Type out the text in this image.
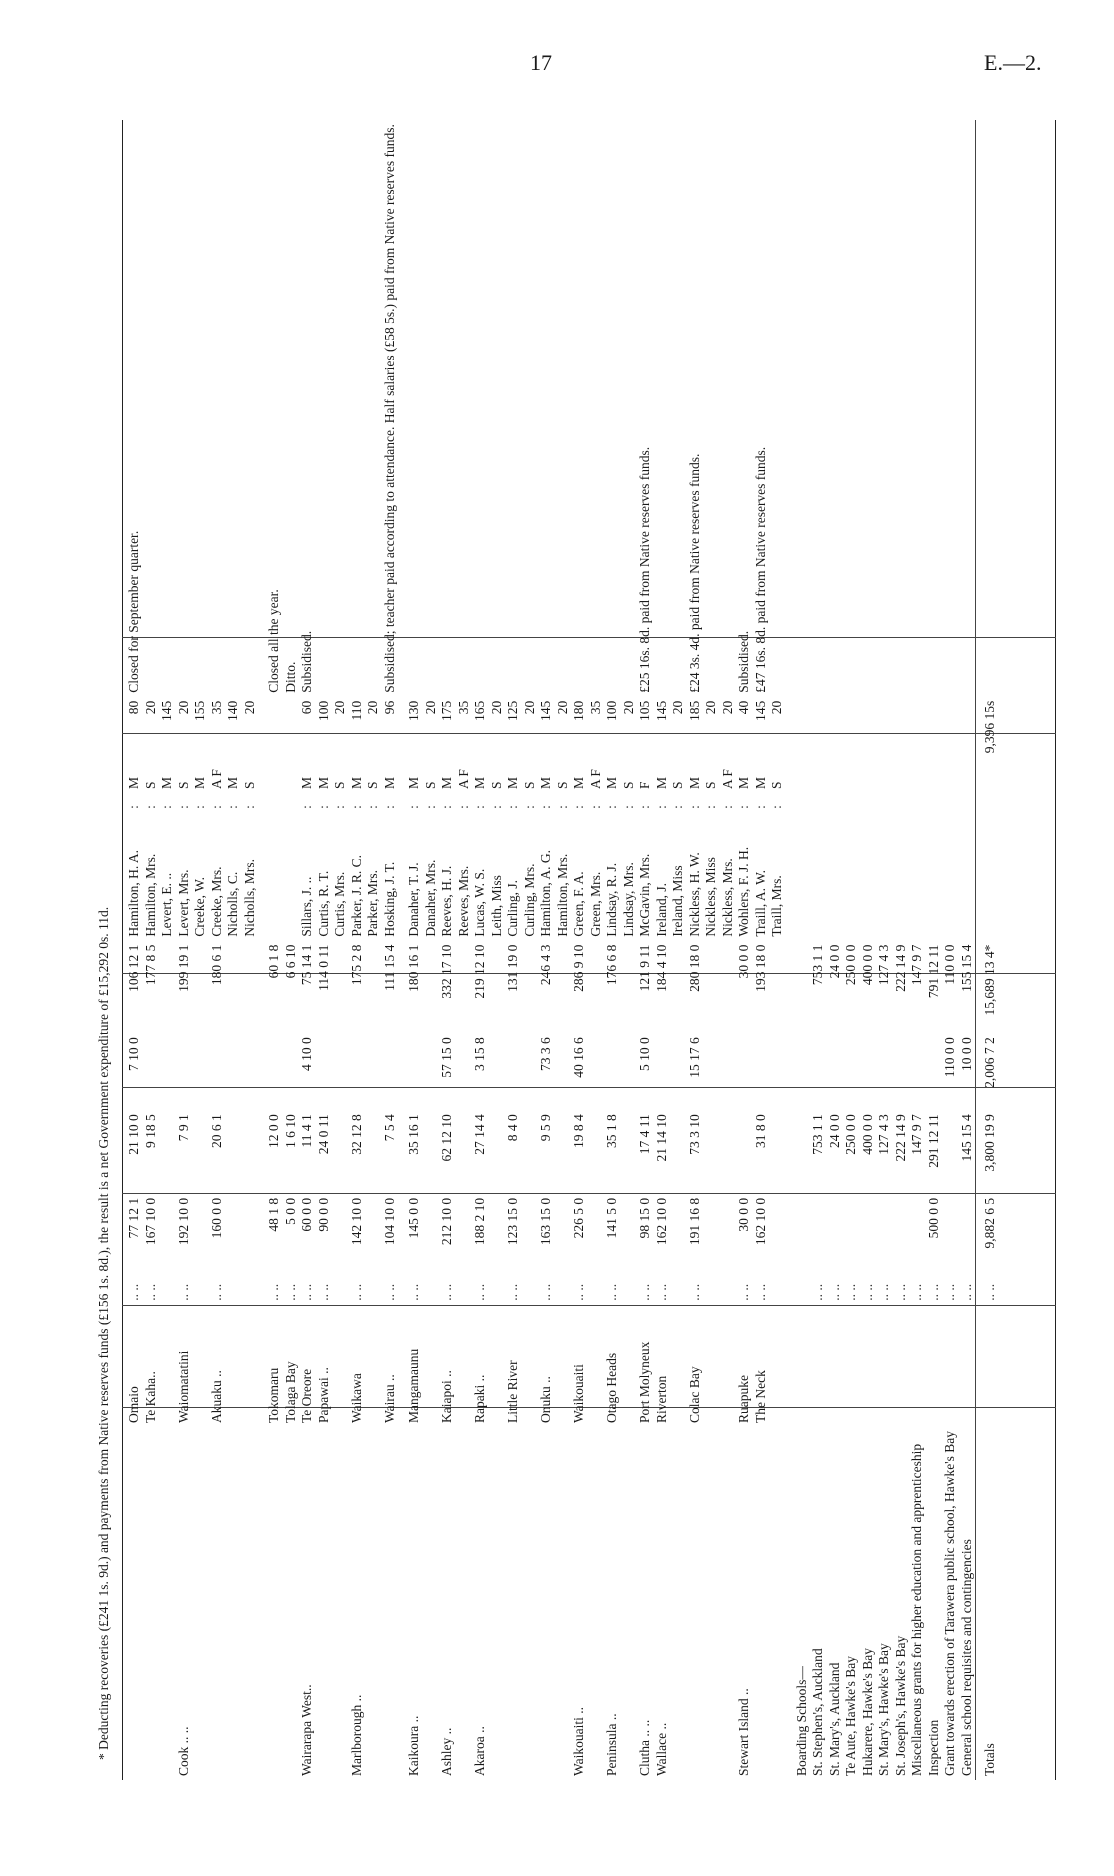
17	E.—2.
* Deducting recoveries (£241 1s. 9d.) and payments from Native reserves funds (£156 1s. 8d.), the result is a net Government expenditure of £15,292 0s. 11d.
	Omaio	.. ..	77 12 1	21 10 0	7 10 0	106 12 1	Hamilton, H. A.	:	M	80	Closed for September quarter.
	Te Kaha..	.. ..	167 10 0	9 18 5		177 8 5	Hamilton, Mrs.	:	S	20	
							Levert, E. ..	:	M	145	
Cook .. ..	Waiomatatini	.. ..	192 10 0	7 9 1		199 19 1	Levert, Mrs.	:	S	20	
							Creeke, W.	:	M	155	
	Akuaku ..	.. ..	160 0 0	20 6 1		180 6 1	Creeke, Mrs.	:	A F	35	
							Nicholls, C.	:	M	140	
							Nicholls, Mrs.	:	S	20	

	Tokomaru	.. ..	48 1 8	12 0 0		60 1 8					Closed all the year.
	Tolaga Bay	.. ..	5 0 0	1 6 10		6 6 10					Ditto.
Wairarapa West..	Te Oreore	.. ..	60 0 0	11 4 1	4 10 0	75 14 1	Sillars, J. ..	:	M	60	Subsidised.
	Papawai ..	.. ..	90 0 0	24 0 11		114 0 11	Curtis, R. T.	:	M	100	
							Curtis, Mrs.	:	S	20	
Marlborough ..	Waikawa	.. ..	142 10 0	32 12 8		175 2 8	Parker, J. R. C.	:	M	110	
							Parker, Mrs.	:	S	20	
	Wairau ..	.. ..	104 10 0	7 5 4		111 15 4	Hosking, J. T.	:	M	96	Subsidised; teacher paid according to attendance. Half salaries (£58 5s.) paid from Native reserves funds.

Kaikoura ..	Mangamaunu	.. ..	145 0 0	35 16 1		180 16 1	Danaher, T. J.	:	M	130	
							Danaher, Mrs.	:	S	20	
Ashley ..	Kaiapoi ..	.. ..	212 10 0	62 12 10	57 15 0	332 17 10	Reeves, H. J.	:	M	175	
							Reeves, Mrs.	:	A F	35	
Akaroa ..	Rapaki ..	.. ..	188 2 10	27 14 4	3 15 8	219 12 10	Lucas, W. S.	:	M	165	
							Leith, Miss	:	S	20	
	Little River	.. ..	123 15 0	8 4 0		131 19 0	Curling, J.	:	M	125	
							Curling, Mrs.	:	S	20	
	Onuku ..	.. ..	163 15 0	9 5 9	73 3 6	246 4 3	Hamilton, A. G.	:	M	145	
							Hamilton, Mrs.	:	S	20	
Waikouaiti ..	Waikouaiti	.. ..	226 5 0	19 8 4	40 16 6	286 9 10	Green, F. A.	:	M	180	
							Green, Mrs.	:	A F	35	
Peninsula ..	Otago Heads	.. ..	141 5 0	35 1 8		176 6 8	Lindsay, R. J.	:	M	100	
							Lindsay, Mrs.	:	S	20	
Clutha .. ..	Port Molyneux	.. ..	98 15 0	17 4 11	5 10 0	121 9 11	McGavin, Mrs.	:	F	105	£25 16s. 8d. paid from Native reserves funds.
Wallace ..	Riverton	.. ..	162 10 0	21 14 10		184 4 10	Ireland, J.	:	M	145	
							Ireland, Miss	:	S	20	
	Colac Bay	.. ..	191 16 8	73 3 10	15 17 6	280 18 0	Nickless, H. W.	:	M	185	£24 3s. 4d. paid from Native reserves funds.
							Nickless, Miss	:	S	20	
							Nickless, Mrs.	:	A F	20	
Stewart Island ..	Ruapuke	.. ..	30 0 0			30 0 0	Wohlers, F. J. H.	:	M	40	Subsidised.
	The Neck	.. ..	162 10 0	31 8 0		193 18 0	Traill, A. W.	:	M	145	£47 16s. 8d. paid from Native reserves funds.
							Traill, Mrs.	:	S	20	

Boarding Schools—											
St. Stephen's, Auckland		.. ..		753 1 1		753 1 1					
St. Mary's, Auckland		.. ..		24 0 0		24 0 0					
Te Aute, Hawke's Bay		.. ..		250 0 0		250 0 0					
Hukarere, Hawke's Bay		.. ..		400 0 0		400 0 0					
St. Mary's, Hawke's Bay		.. ..		127 4 3		127 4 3					
St. Joseph's, Hawke's Bay		.. ..		222 14 9		222 14 9					
Miscellaneous grants for higher education and apprenticeship		.. ..		147 9 7		147 9 7					
Inspection		.. ..	500 0 0	291 12 11		791 12 11					
Grant towards erection of Tarawera public school, Hawke's Bay		.. ..			110 0 0	110 0 0					
General school requisites and contingencies		.. ..		145 15 4	10 0 0	155 15 4					
Totals		.. ..	9,882 6 5	3,800 19 9	2,006 7 2	15,689 13 4*				9,396 15s	
